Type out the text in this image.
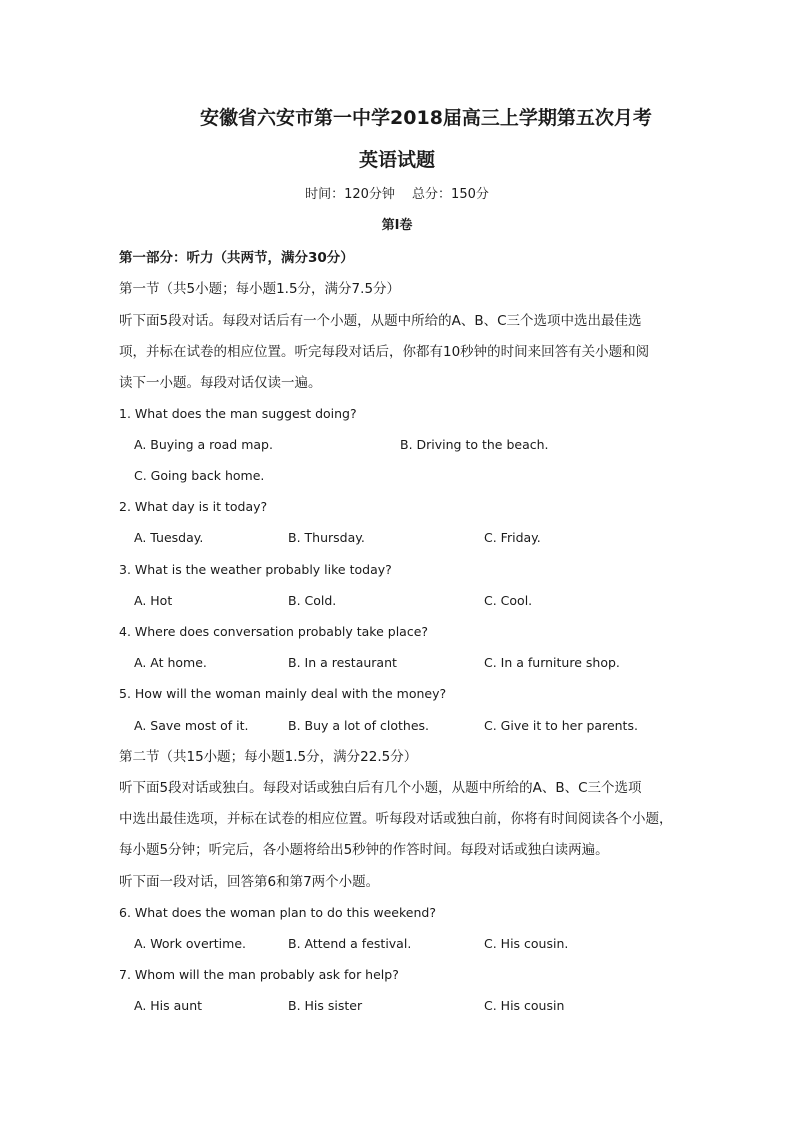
安徽省六安市第一中学2018届高三上学期第五次月考
英语试题
时间：120分钟　 总分：150分
第Ⅰ卷
第一部分：听力（共两节，满分30分）
第一节（共5小题；每小题1.5分，满分7.5分）
听下面5段对话。每段对话后有一个小题，从题中所给的A、B、C三个选项中选出最佳选
项，并标在试卷的相应位置。听完每段对话后，你都有10秒钟的时间来回答有关小题和阅
读下一小题。每段对话仅读一遍。
1. What does the man suggest doing?
A. Buying a road map.	B. Driving to the beach.
C. Going back home.
2. What day is it today?
A. Tuesday.	B. Thursday.	C. Friday.
3. What is the weather probably like today?
A. Hot	B. Cold.	C. Cool.
4. Where does conversation probably take place?
A. At home.	B. In a restaurant	C. In a furniture shop.
5. How will the woman mainly deal with the money?
A. Save most of it.	B. Buy a lot of clothes.	C. Give it to her parents.
第二节（共15小题；每小题1.5分，满分22.5分）
听下面5段对话或独白。每段对话或独白后有几个小题，从题中所给的A、B、C三个选项
中选出最佳选项，并标在试卷的相应位置。听每段对话或独白前，你将有时间阅读各个小题，
每小题5分钟；听完后，各小题将给出5秒钟的作答时间。每段对话或独白读两遍。
听下面一段对话，回答第6和第7两个小题。
6. What does the woman plan to do this weekend?
A. Work overtime.	B. Attend a festival.	C. His cousin.
7. Whom will the man probably ask for help?
A. His aunt	B. His sister	C. His cousin
